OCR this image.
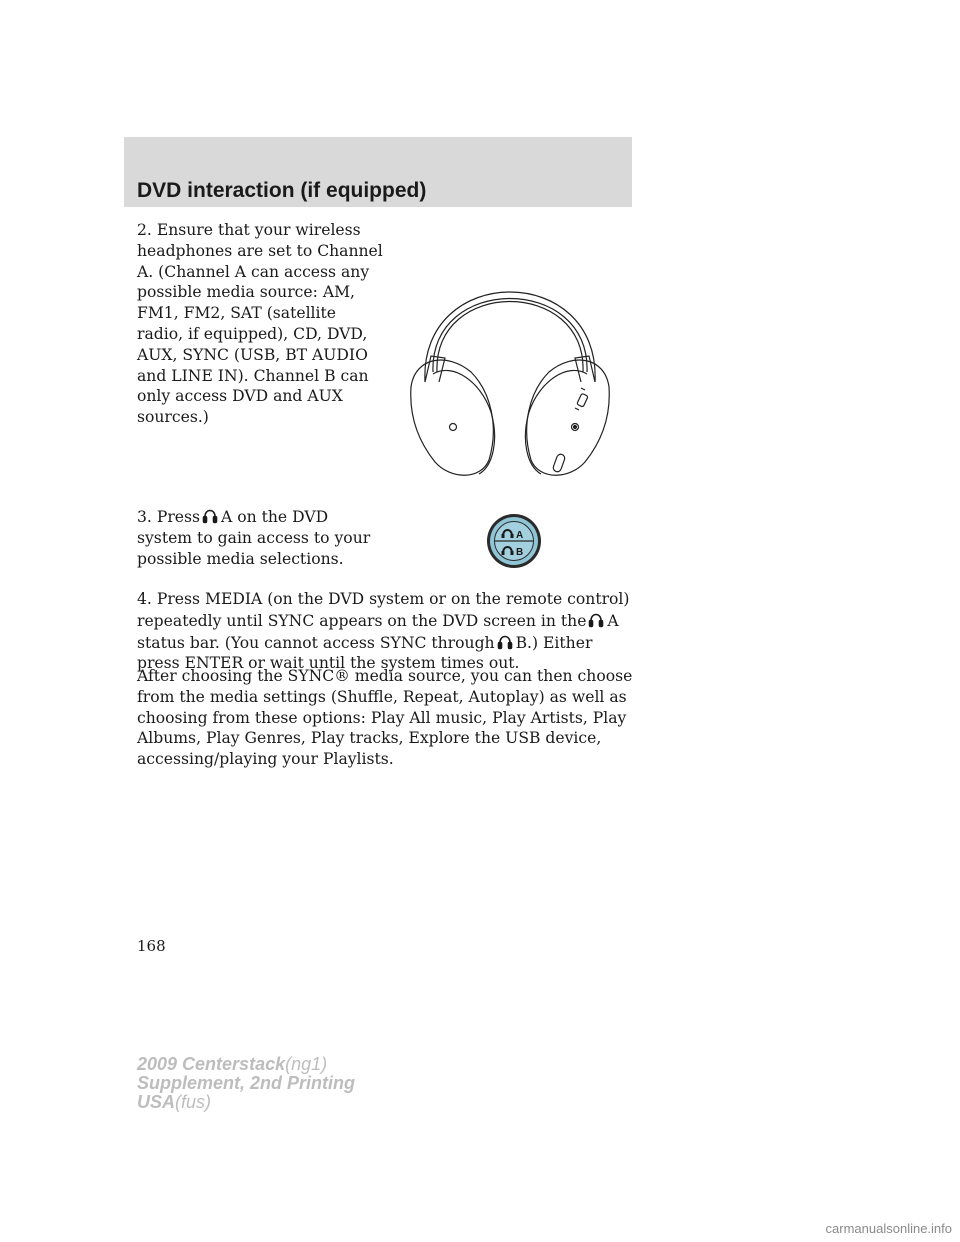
DVD interaction (if equipped)
2. Ensure that your wireless headphones are set to Channel A. (Channel A can access any possible media source: AM, FM1, FM2, SAT (satellite radio, if equipped), CD, DVD, AUX, SYNC (USB, BT AUDIO and LINE IN). Channel B can only access DVD and AUX sources.)
3. Press A on the DVD system to gain access to your possible media selections.
A
B
4. Press MEDIA (on the DVD system or on the remote control) repeatedly until SYNC appears on the DVD screen in the A status bar. (You cannot access SYNC through B.) Either press ENTER or wait until the system times out.
After choosing the SYNC® media source, you can then choose from the media settings (Shuffle, Repeat, Autoplay) as well as choosing from these options: Play All music, Play Artists, Play Albums, Play Genres, Play tracks, Explore the USB device, accessing/playing your Playlists.
168
2009 Centerstack(ng1)
Supplement, 2nd Printing
USA(fus)
carmanualsonline.info
